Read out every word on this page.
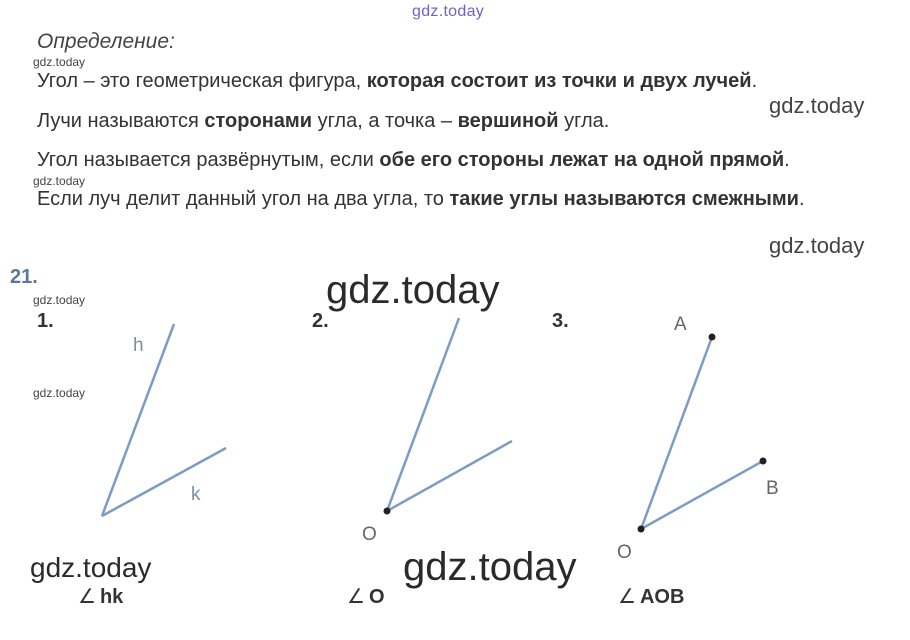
gdz.today
gdz.today
gdz.today
gdz.today
gdz.today
gdz.today
gdz.today
gdz.today
gdz.today
gdz.today
Определение:
Угол – это геометрическая фигура, которая состоит из точки и двух лучей.
Лучи называются сторонами угла, а точка – вершиной угла.
Угол называется развёрнутым, если обе его стороны лежат на одной прямой.
Если луч делит данный угол на два угла, то такие углы называются смежными.
21.
1.	2.	3.
h
k
O
A
B
O
∠ hk	∠ O	∠ AOB
